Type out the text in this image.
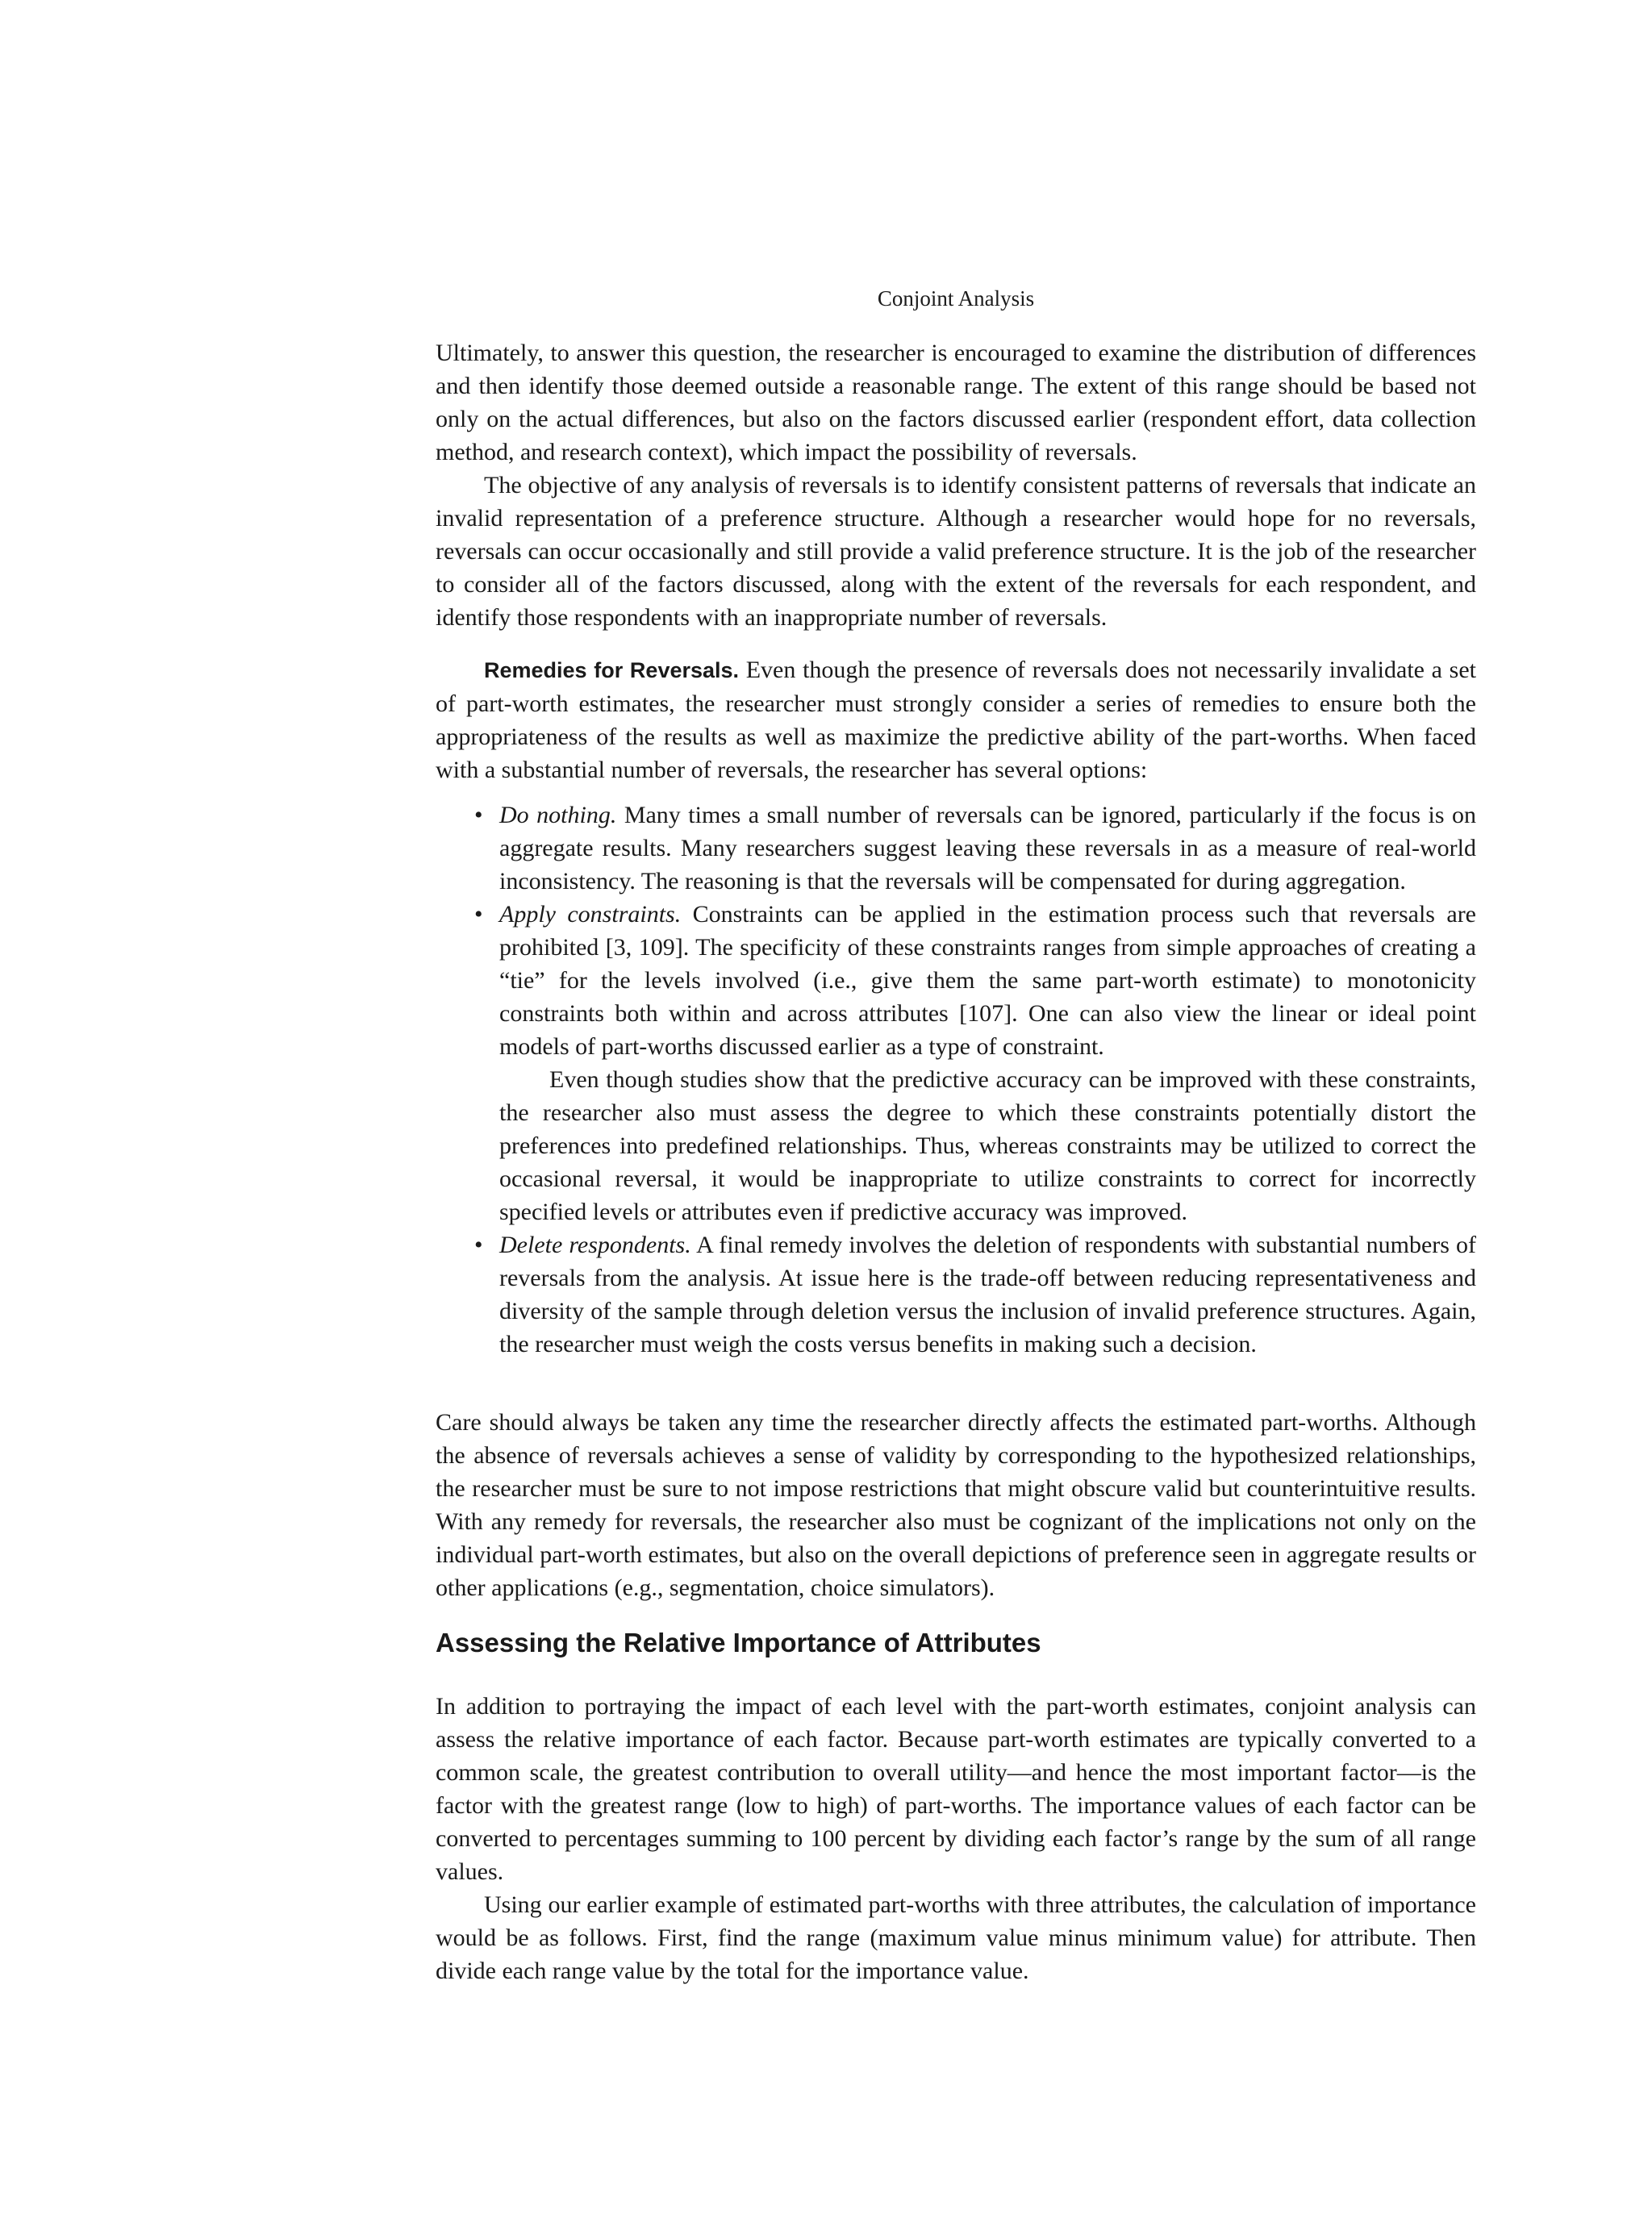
Conjoint Analysis

Ultimately, to answer this question, the researcher is encouraged to examine the distribution of differences and then identify those deemed outside a reasonable range. The extent of this range should be based not only on the actual differences, but also on the factors discussed earlier (respondent effort, data collection method, and research context), which impact the possibility of reversals.

The objective of any analysis of reversals is to identify consistent patterns of reversals that indicate an invalid representation of a preference structure. Although a researcher would hope for no reversals, reversals can occur occasionally and still provide a valid preference structure. It is the job of the researcher to consider all of the factors discussed, along with the extent of the reversals for each respondent, and identify those respondents with an inappropriate number of reversals.

Remedies for Reversals. Even though the presence of reversals does not necessarily invalidate a set of part-worth estimates, the researcher must strongly consider a series of remedies to ensure both the appropriateness of the results as well as maximize the predictive ability of the part-worths. When faced with a substantial number of reversals, the researcher has several options:

• Do nothing. Many times a small number of reversals can be ignored, particularly if the focus is on aggregate results. Many researchers suggest leaving these reversals in as a measure of real-world inconsistency. The reasoning is that the reversals will be compensated for during aggregation.
• Apply constraints. Constraints can be applied in the estimation process such that reversals are prohibited [3, 109]. The specificity of these constraints ranges from simple approaches of creating a “tie” for the levels involved (i.e., give them the same part-worth estimate) to monotonicity constraints both within and across attributes [107]. One can also view the linear or ideal point models of part-worths discussed earlier as a type of constraint.
Even though studies show that the predictive accuracy can be improved with these constraints, the researcher also must assess the degree to which these constraints potentially distort the preferences into predefined relationships. Thus, whereas constraints may be utilized to correct the occasional reversal, it would be inappropriate to utilize constraints to correct for incorrectly specified levels or attributes even if predictive accuracy was improved.
• Delete respondents. A final remedy involves the deletion of respondents with substantial numbers of reversals from the analysis. At issue here is the trade-off between reducing representativeness and diversity of the sample through deletion versus the inclusion of invalid preference structures. Again, the researcher must weigh the costs versus benefits in making such a decision.

Care should always be taken any time the researcher directly affects the estimated part-worths. Although the absence of reversals achieves a sense of validity by corresponding to the hypothesized relationships, the researcher must be sure to not impose restrictions that might obscure valid but counterintuitive results. With any remedy for reversals, the researcher also must be cognizant of the implications not only on the individual part-worth estimates, but also on the overall depictions of preference seen in aggregate results or other applications (e.g., segmentation, choice simulators).

Assessing the Relative Importance of Attributes

In addition to portraying the impact of each level with the part-worth estimates, conjoint analysis can assess the relative importance of each factor. Because part-worth estimates are typically converted to a common scale, the greatest contribution to overall utility—and hence the most important factor—is the factor with the greatest range (low to high) of part-worths. The importance values of each factor can be converted to percentages summing to 100 percent by dividing each factor’s range by the sum of all range values.

Using our earlier example of estimated part-worths with three attributes, the calculation of importance would be as follows. First, find the range (maximum value minus minimum value) for attribute. Then divide each range value by the total for the importance value.
